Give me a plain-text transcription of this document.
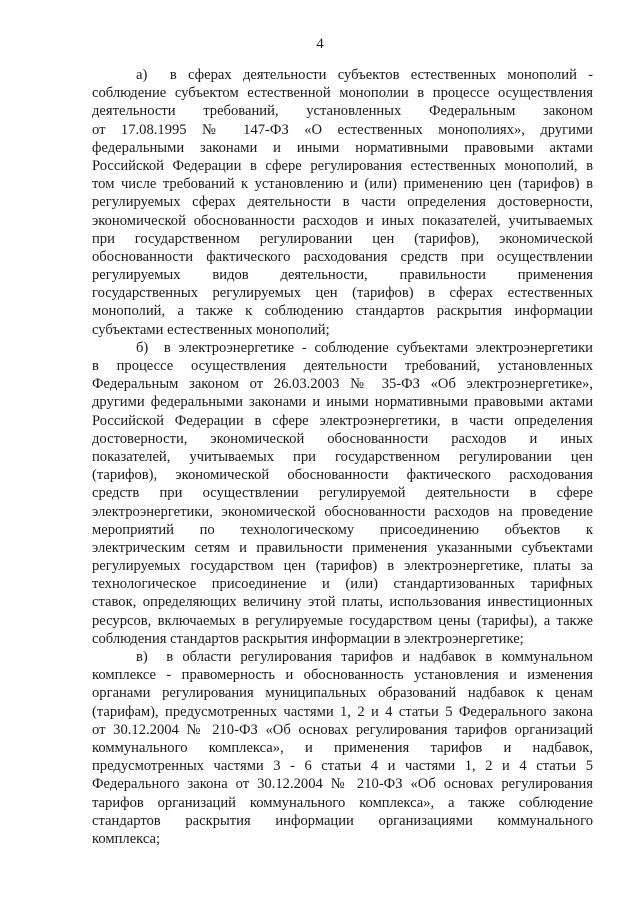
4
а)  в сферах деятельности субъектов естественных монополий -
соблюдение субъектом естественной монополии в процессе осуществления
деятельности требований, установленных Федеральным законом
от 17.08.1995 № 147-ФЗ «О естественных монополиях», другими
федеральными законами и иными нормативными правовыми актами
Российской Федерации в сфере регулирования естественных монополий, в
том числе требований к установлению и (или) применению цен (тарифов) в
регулируемых сферах деятельности в части определения достоверности,
экономической обоснованности расходов и иных показателей, учитываемых
при государственном регулировании цен (тарифов), экономической
обоснованности фактического расходования средств при осуществлении
регулируемых видов деятельности, правильности применения
государственных регулируемых цен (тарифов) в сферах естественных
монополий, а также к соблюдению стандартов раскрытия информации
субъектами естественных монополий;
б)  в электроэнергетике - соблюдение субъектами электроэнергетики
в процессе осуществления деятельности требований, установленных
Федеральным законом от 26.03.2003 № 35-ФЗ «Об электроэнергетике»,
другими федеральными законами и иными нормативными правовыми актами
Российской Федерации в сфере электроэнергетики, в части определения
достоверности, экономической обоснованности расходов и иных
показателей, учитываемых при государственном регулировании цен
(тарифов), экономической обоснованности фактического расходования
средств при осуществлении регулируемой деятельности в сфере
электроэнергетики, экономической обоснованности расходов на проведение
мероприятий по технологическому присоединению объектов к
электрическим сетям и правильности применения указанными субъектами
регулируемых государством цен (тарифов) в электроэнергетике, платы за
технологическое присоединение и (или) стандартизованных тарифных
ставок, определяющих величину этой платы, использования инвестиционных
ресурсов, включаемых в регулируемые государством цены (тарифы), а также
соблюдения стандартов раскрытия информации в электроэнергетике;
в)  в области регулирования тарифов и надбавок в коммунальном
комплексе - правомерность и обоснованность установления и изменения
органами регулирования муниципальных образований надбавок к ценам
(тарифам), предусмотренных частями 1, 2 и 4 статьи 5 Федерального закона
от 30.12.2004 № 210-ФЗ «Об основах регулирования тарифов организаций
коммунального комплекса», и применения тарифов и надбавок,
предусмотренных частями 3 - 6 статьи 4 и частями 1, 2 и 4 статьи 5
Федерального закона от 30.12.2004 № 210-ФЗ «Об основах регулирования
тарифов организаций коммунального комплекса», а также соблюдение
стандартов раскрытия информации организациями коммунального
комплекса;
